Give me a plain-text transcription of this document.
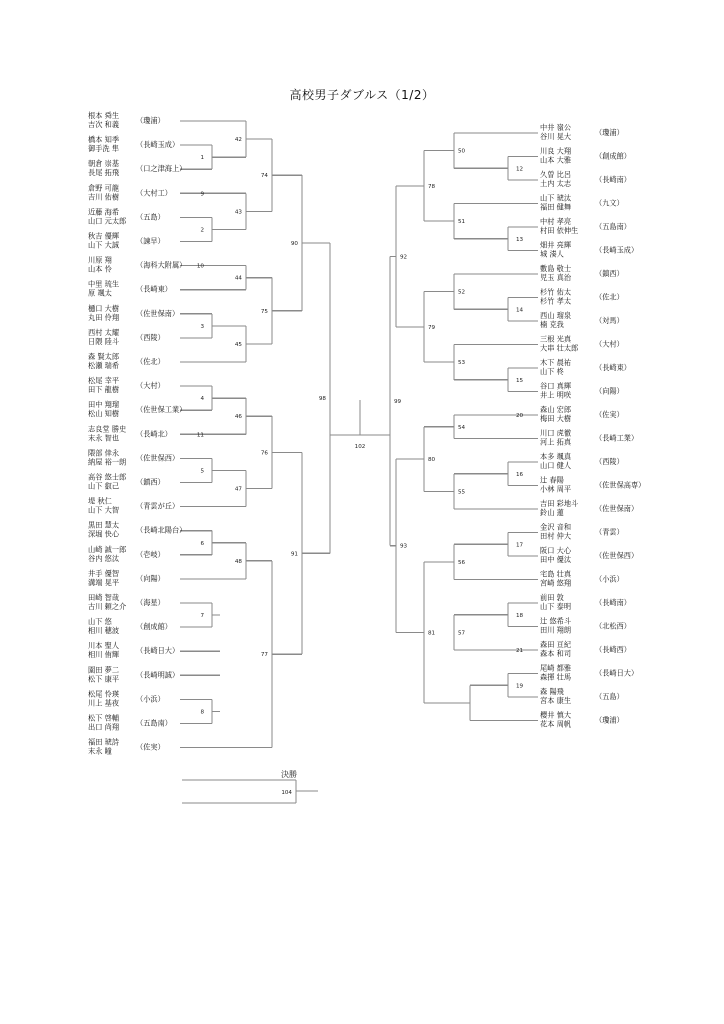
高校男子ダブルス（1/2）
決勝
根本 舜生
吉次 和義 （瓊浦）
橋本 知季
御手洗 隼 （長崎玉成）
朝倉 崇基
長尾 拓飛 （口之津海上）
倉野 可龍
吉川 佑樹 （大村工）
近藤 海希
山口 元太郎 （五島）
秋吉 優輝
山下 大誠 （諫早）
川原 翔
山本 怜	（海科大附属）
中里 琉生
原 颯太	（長崎東）
樋口 大樹
丸田 伶翔 （佐世保南）
西村 太耀
日隈 陸斗 （西陵）
森 賢太郎
松瀬 瑞希 （佐北）
松尾 幸平
田下 龍樹 （大村）
田中 翔瑠
松山 知樹 （佐世保工業）
志良堂 勝史
末永 智也 （長崎北）
隈部 倖永
納屋 裕一朗 （佐世保西）
高谷 悠士郎
山下 叡己 （鎮西）
堤 秋仁
山下 大智 （青雲が丘）
黒田 慧太
深堀 快心 （長崎北陽台）
山崎 誠一郎
谷内 悠汰 （壱岐）
井手 優智
溝端 晃平 （向陽）
田崎 智哉
古川 頼之介 （海星）
山下 悠
相川 穂波 （創成館）
川本 聖人
相川 侑輝 （長崎日大）
園田 夢二
松下 康平 （長崎明誠）
松尾 怜瑛
川上 基夜 （小浜）
松下 啓輔
出口 尚翔 （五島南）
福田 琥詩
末永 瞳	（佐実）
1
2
3
4
5
6
7
8
9
10
11
42
43
44
45
46
47
48
74
75
76
77
90
91
98
中井 嶺公
谷川 晃大	（瓊浦）
川良 大翔
山本 大雅	（創成館）
久曽 比呂
土内 太志	（長崎南）
山下 琥汰
福田 健舞	（九文）
中村 孝亮
村田 依伸生 （五島南）
畑井 亮輝
城 湊人	（長崎玉成）
數島 敬士
児玉 真治	（鎮西）
杉竹 佑太
杉竹 孝太	（佐北）
西山 瑠泉
楠 克我	（対馬）
三根 光真
大串 壮太郎 （大村）
木下 晨祐
山下 柊	（長崎東）
谷口 真輝
井上 明咲	（向陽）
森山 宏郎
梅田 大樹	（佐実）
川口 虎徹
河上 拓真	（長崎工業）
本多 颯真
山口 健人	（西陵）
辻 春陽
小林 周平	（佐世保高専）
吉田 彩地斗
鈴山 蓮	（佐世保南）
金沢 音和
田村 仲大	（青雲）
阪口 大心
田中 優汰	（佐世保西）
宅島 壮真
宮崎 悠翔	（小浜）
前田 敦
山下 泰明	（長崎南）
辻 悠希斗
田川 翔朗	（北松西）
森田 亘紀
森本 和司	（長崎西）
尾崎 都雅
森揮 壮馬	（長崎日大）
森 陽飛
宮本 康生	（五島）
櫻井 慎大
花本 周帆	（瓊浦）
12
13
14
15
16
17
18
19
20
21
50
51
52
53
54
55
56
57
78
79
80
81
92
93
99
102
104
